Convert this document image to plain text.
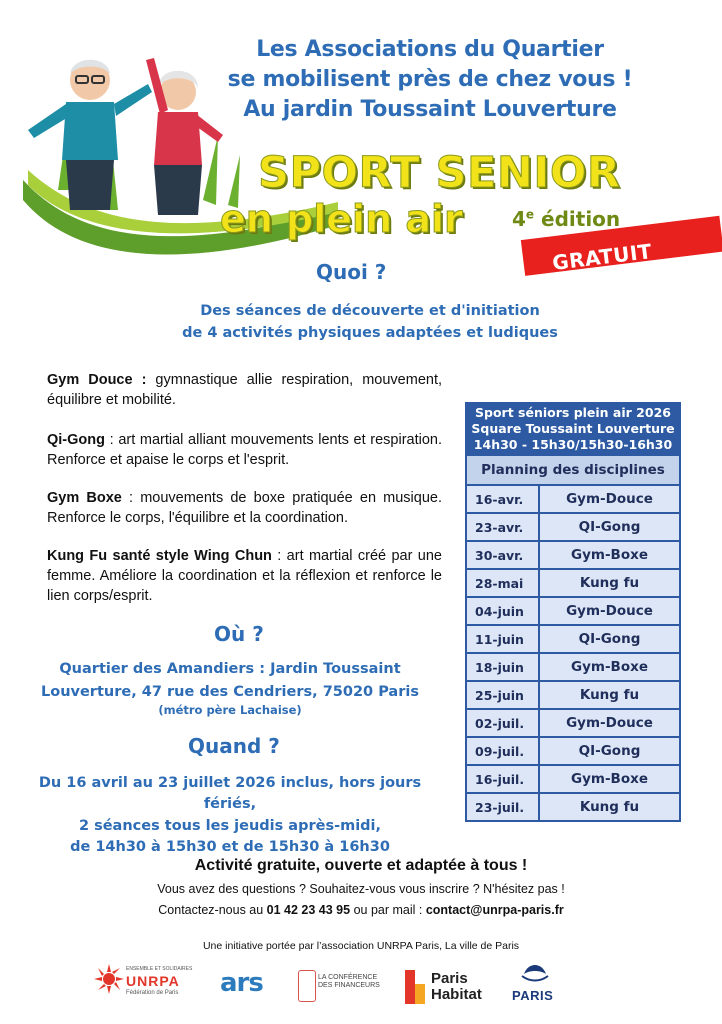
Les Associations du Quartier
se mobilisent près de chez vous !
Au jardin Toussaint Louverture
SPORT SENIOR
en plein air 4e édition
GRATUIT
Quoi ?
Des séances de découverte et d'initiation
de 4 activités physiques adaptées et ludiques
Gym Douce : gymnastique allie respiration, mouvement, équilibre et mobilité.
Qi-Gong : art martial alliant mouvements lents et respiration. Renforce et apaise le corps et l'esprit.
Gym Boxe : mouvements de boxe pratiquée en musique. Renforce le corps, l'équilibre et la coordination.
Kung Fu santé style Wing Chun : art martial créé par une femme. Améliore la coordination et la réflexion et renforce le lien corps/esprit.
Sport séniors plein air 2026
Square Toussaint Louverture
14h30 - 15h30/15h30-16h30	

Planning des disciplines	
16-avr.	Gym-Douce
23-avr.	QI-Gong
30-avr.	Gym-Boxe
28-mai	Kung fu
04-juin	Gym-Douce
11-juin	QI-Gong
18-juin	Gym-Boxe
25-juin	Kung fu
02-juil.	Gym-Douce
09-juil.	QI-Gong
16-juil.	Gym-Boxe
23-juil.	Kung fu
Où ?
Quartier des Amandiers : Jardin Toussaint
Louverture, 47 rue des Cendriers, 75020 Paris
(métro père Lachaise)
Quand ?
Du 16 avril au 23 juillet 2026 inclus, hors jours
fériés,
2 séances tous les jeudis après-midi,
de 14h30 à 15h30 et de 15h30 à 16h30
Activité gratuite, ouverte et adaptée à tous !
Vous avez des questions ? Souhaitez-vous vous inscrire ? N'hésitez pas !
Contactez-nous au 01 42 23 43 95 ou par mail : contact@unrpa-paris.fr
Une initiative portée par l’association UNRPA Paris, La ville de Paris
ENSEMBLE ET SOLIDAIRES
UNRPA
Fédération de Paris ars	LA CONFÉRENCE DES FINANCEURS	Paris
Habitat PARIS
